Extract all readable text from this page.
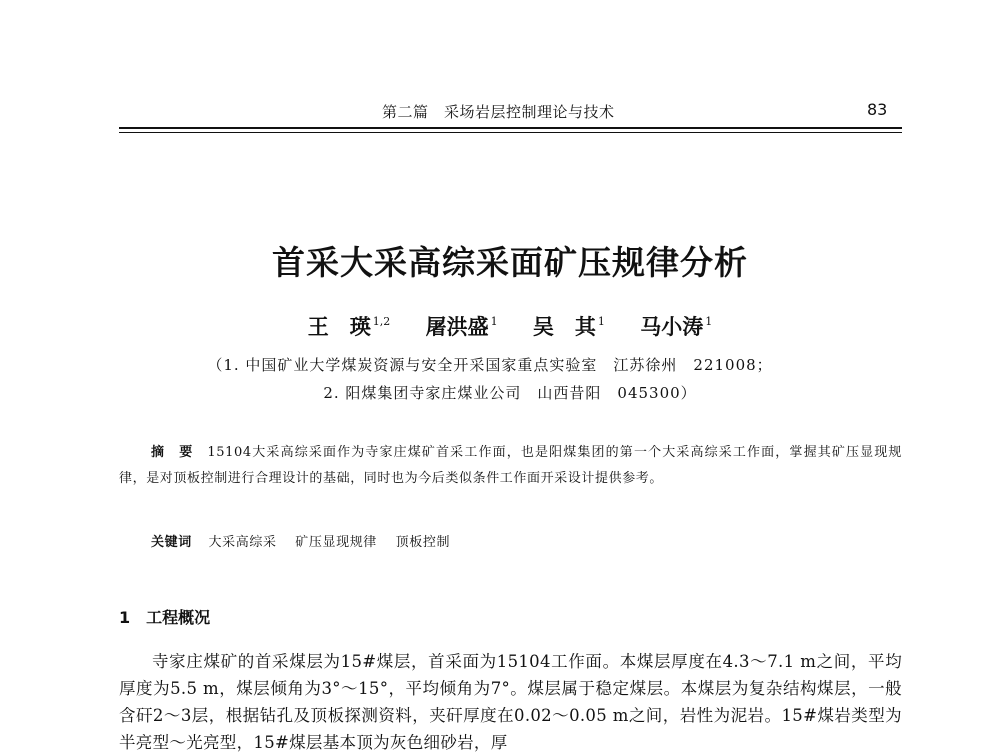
第二篇　采场岩层控制理论与技术	83
首采大采高综采面矿压规律分析
王　瑛 $^{1,2}$ 屠洪盛 $^1$ 吴　其 $^1$ 马小涛 $^1$
（1. 中国矿业大学煤炭资源与安全开采国家重点实验室　江苏徐州　221008；
2. 阳煤集团寺家庄煤业公司　山西昔阳　045300）
摘　要 15104大采高综采面作为寺家庄煤矿首采工作面，也是阳煤集团的第一个大采高综采工作面，掌握其矿压显现规律，是对顶板控制进行合理设计的基础，同时也为今后类似条件工作面开采设计提供参考。
关键词 大采高综采 矿压显现规律 顶板控制
1 工程概况
寺家庄煤矿的首采煤层为15#煤层，首采面为15104工作面。本煤层厚度在4.3～7.1 m之间，平均厚度为5.5 m，煤层倾角为3°～15°，平均倾角为7°。煤层属于稳定煤层。本煤层为复杂结构煤层，一般含矸2～3层，根据钻孔及顶板探测资料，夹矸厚度在0.02～0.05 m之间，岩性为泥岩。15#煤岩类型为半亮型～光亮型，15#煤层基本顶为灰色细砂岩，厚
